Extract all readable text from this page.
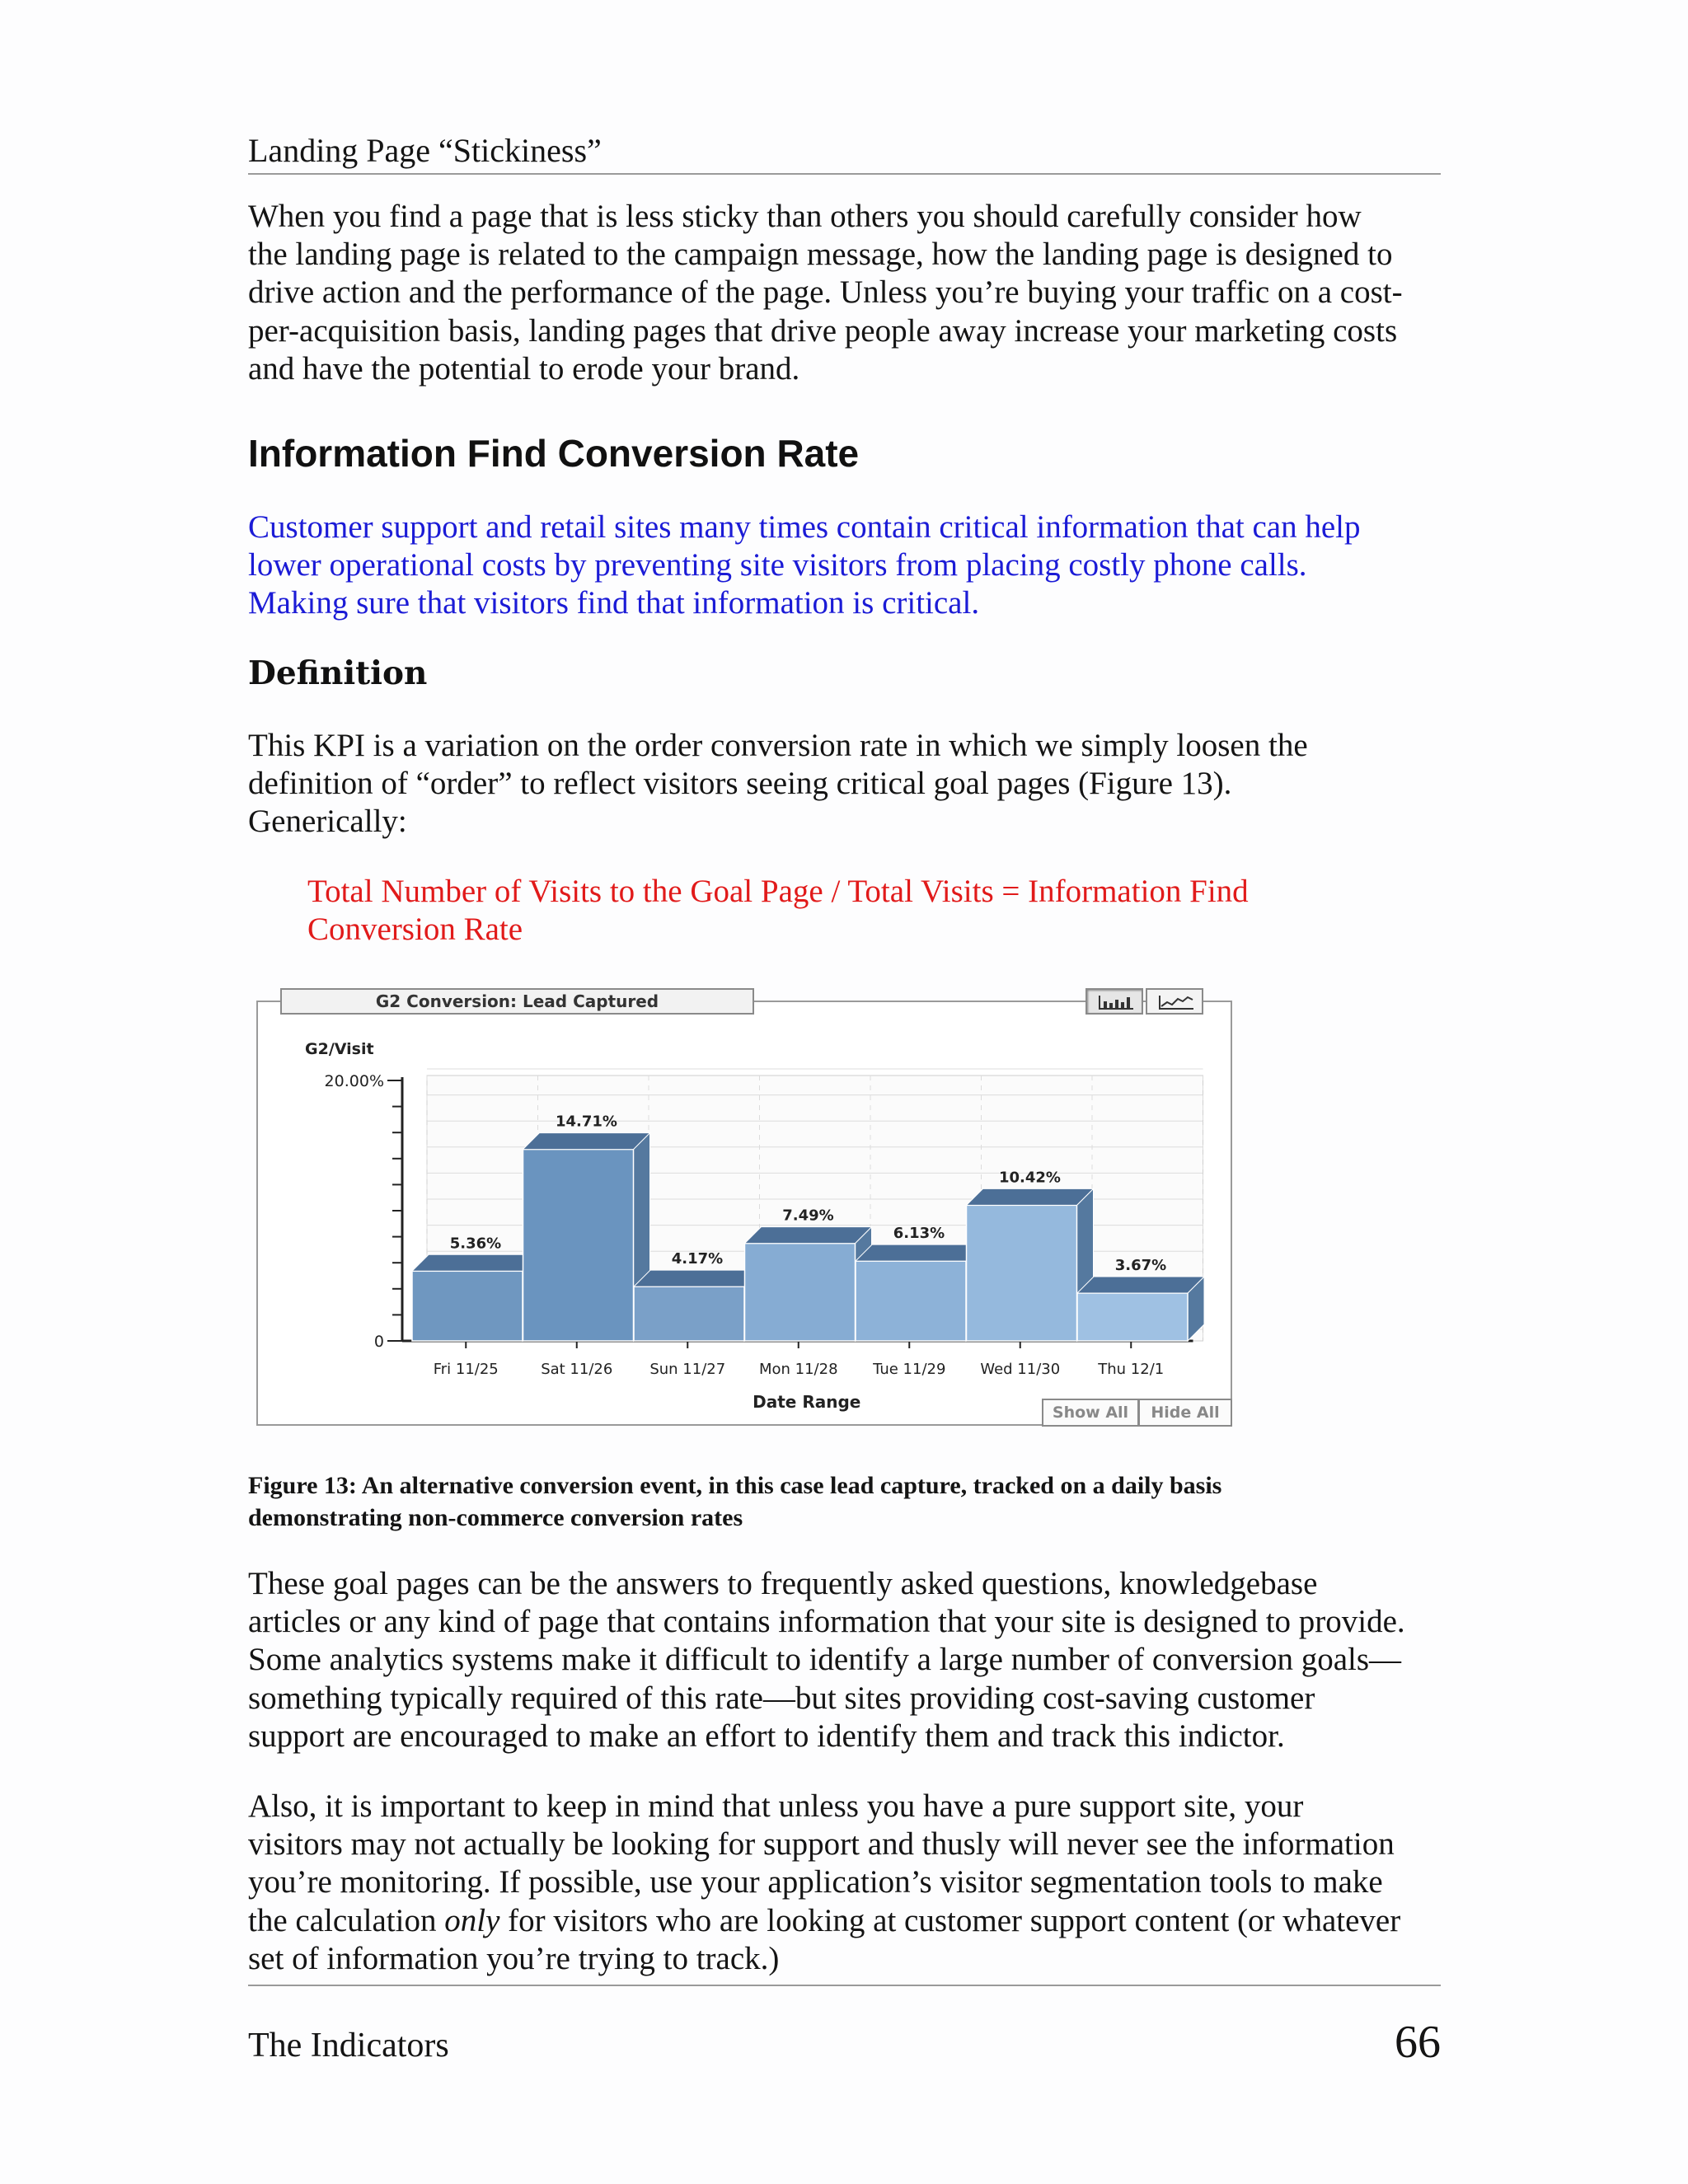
Landing Page “Stickiness”
When you find a page that is less sticky than others you should carefully consider how
the landing page is related to the campaign message, how the landing page is designed to
drive action and the performance of the page. Unless you’re buying your traffic on a cost-
per-acquisition basis, landing pages that drive people away increase your marketing costs
and have the potential to erode your brand.
Information Find Conversion Rate
Customer support and retail sites many times contain critical information that can help
lower operational costs by preventing site visitors from placing costly phone calls.
Making sure that visitors find that information is critical.
Definition
This KPI is a variation on the order conversion rate in which we simply loosen the
definition of “order” to reflect visitors seeing critical goal pages (Figure 13).
Generically:
Total Number of Visits to the Goal Page / Total Visits = Information Find
Conversion Rate
G2/Visit
20.00%
0
5.36%
Fri 11/25
14.71%
Sat 11/26
4.17%
Sun 11/27
7.49%
Mon 11/28
6.13%
Tue 11/29
10.42%
Wed 11/30
3.67%
Thu 12/1
Date Range
G2 Conversion: Lead Captured
Show All	Hide All
Figure 13: An alternative conversion event, in this case lead capture, tracked on a daily basis
demonstrating non-commerce conversion rates
These goal pages can be the answers to frequently asked questions, knowledgebase
articles or any kind of page that contains information that your site is designed to provide.
Some analytics systems make it difficult to identify a large number of conversion goals—
something typically required of this rate—but sites providing cost-saving customer
support are encouraged to make an effort to identify them and track this indictor.
Also, it is important to keep in mind that unless you have a pure support site, your
visitors may not actually be looking for support and thusly will never see the information
you’re monitoring. If possible, use your application’s visitor segmentation tools to make
the calculation only for visitors who are looking at customer support content (or whatever
set of information you’re trying to track.)
The Indicators	66
